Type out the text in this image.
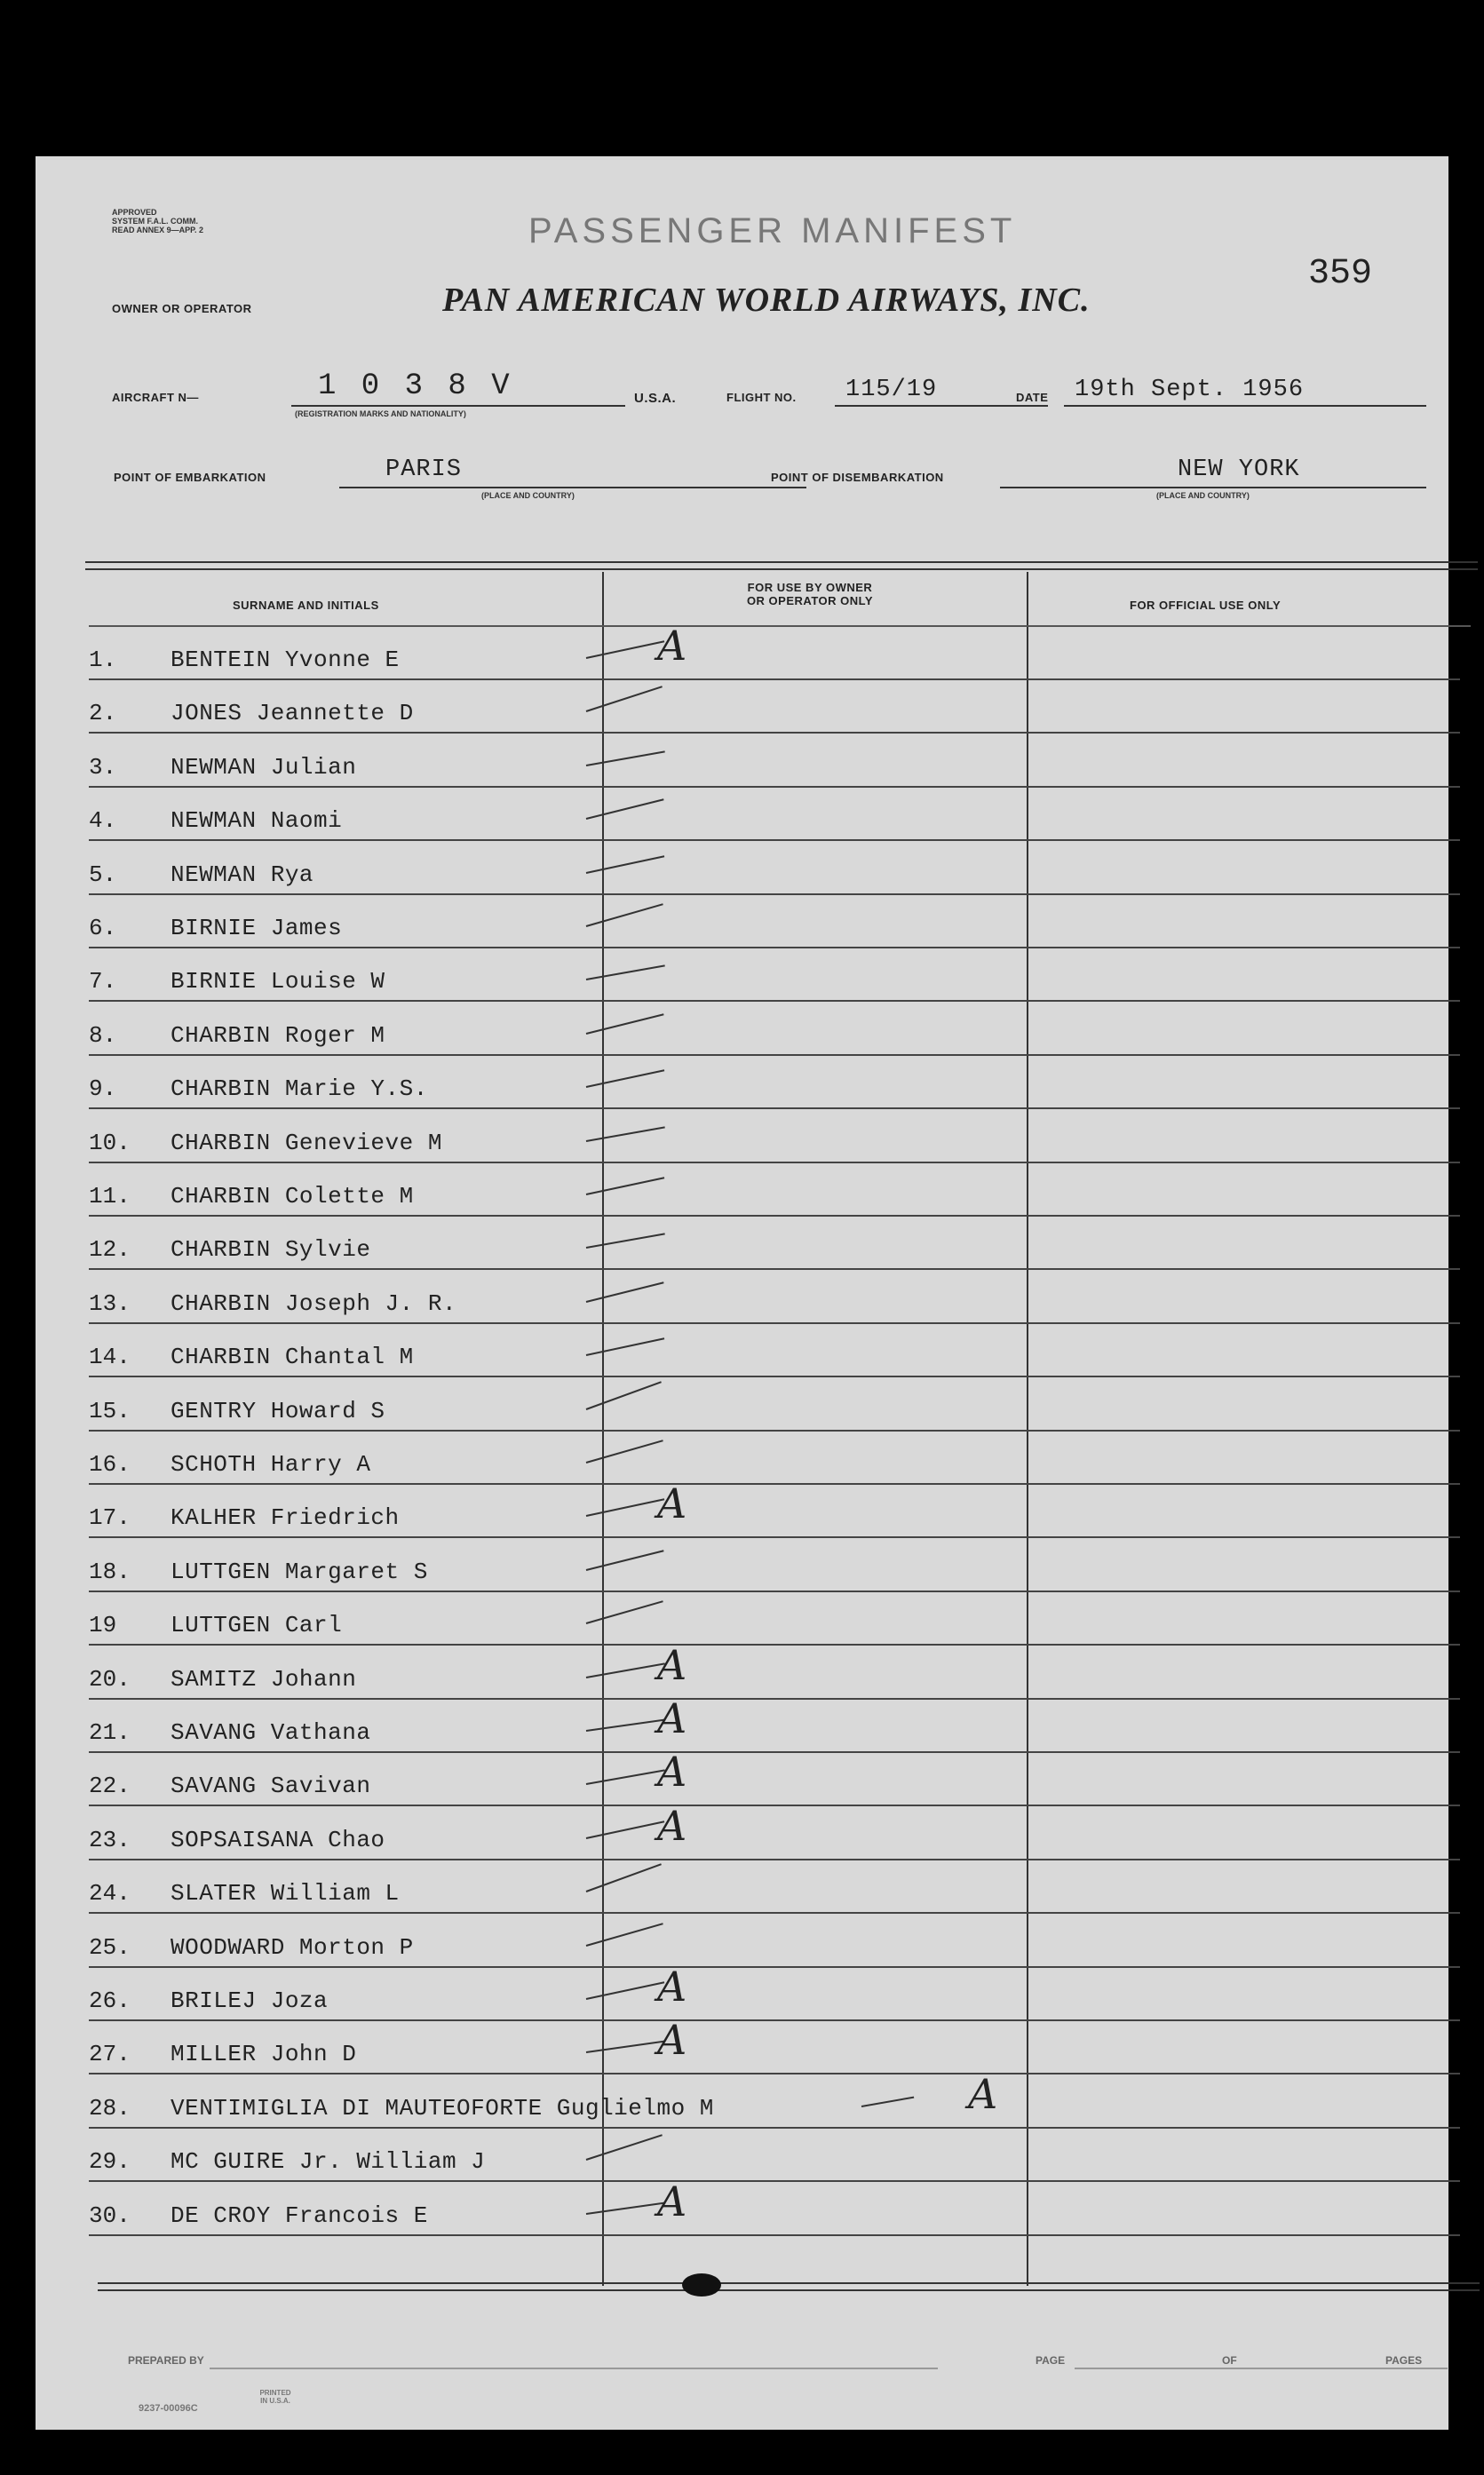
APPROVED
SYSTEM F.A.L. COMM.
READ ANNEX 9—APP. 2	PASSENGER MANIFEST
359
OWNER OR OPERATOR	PAN AMERICAN WORLD AIRWAYS, INC.
AIRCRAFT N—	1 0 3 8 V
(REGISTRATION MARKS AND NATIONALITY)
U.S.A.	FLIGHT NO. 115/19	DATE 19th Sept. 1956
POINT OF EMBARKATION	PARIS
(PLACE AND COUNTRY)
POINT OF DISEMBARKATION	NEW YORK
(PLACE AND COUNTRY)
SURNAME AND INITIALS
FOR USE BY OWNER
OR OPERATOR ONLY	FOR OFFICIAL USE ONLY
1.	BENTEIN Yvonne E	A
2.	JONES Jeannette D
3.	NEWMAN Julian
4.	NEWMAN Naomi
5.	NEWMAN Rya
6.	BIRNIE James
7.	BIRNIE Louise W
8.	CHARBIN Roger M
9.	CHARBIN Marie Y.S.
10.	CHARBIN Genevieve M
11.	CHARBIN Colette M
12.	CHARBIN Sylvie
13.	CHARBIN Joseph J. R.
14.	CHARBIN Chantal M
15.	GENTRY Howard S
16.	SCHOTH Harry A
17.	KALHER Friedrich	A
18.	LUTTGEN Margaret S
19	LUTTGEN Carl
20.	SAMITZ Johann	A
21.	SAVANG Vathana	A
22.	SAVANG Savivan	A
23.	SOPSAISANA Chao	A
24.	SLATER William L
25.	WOODWARD Morton P
26.	BRILEJ Joza	A
27.	MILLER John D	A
28.	VENTIMIGLIA DI MAUTEOFORTE Guglielmo M	A
29.	MC GUIRE Jr. William J
30.	DE CROY Francois E	A
PREPARED BY	PAGE	OF	PAGES
9237-00096C
PRINTED IN U.S.A.
